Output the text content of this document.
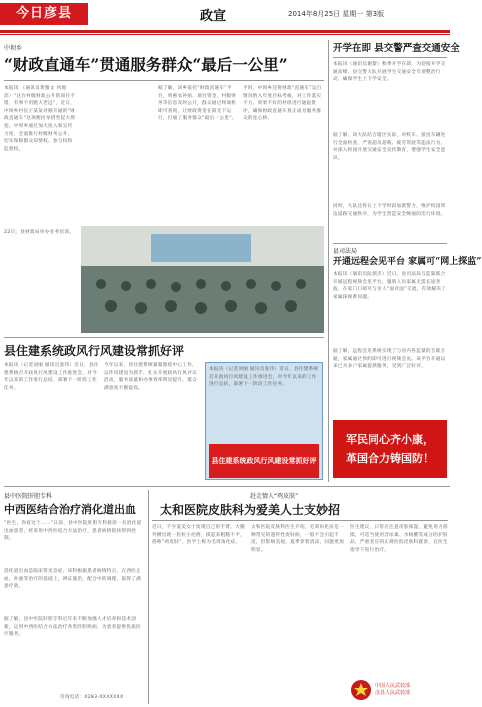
今日彦县	政宣	2014年8月25日 星期一 第3版
中坝乡
“财政直通车”贯通服务群众“最后一公里”
本报讯 （通讯员黄雅文 何地玮）“这台村级财政公开的项目不错，有事不用跑大老远”，近日，中坝乡村民王某某对刚开通的“财政直通车”这项便民举措竖起大拇指。中坝乡通过加大投入和宣传力度，全面推行村级财务公开，切实保障群众知情权、参与权和监督权。
据了解，该乡依托“财政直通车”平台，将惠农补贴、项目资金、村级财务等信息及时公开，群众通过终端机即可查询，让财政资金在阳光下运行，打通了服务群众“最后一公里”。
平时，中坝乡还将财政“直通车”运行情况纳入年度目标考核，对工作落实不力、效果不好的村组进行通报批评，确保财政直通车真正成为服务群众的连心桥。
22日，县财政局举办业务培训。
县住建系统政风行风建设常抓好评
本报讯（记者刘丽 通讯员张伟）近日，县住建系统召开政风行风建设工作推进会，对今年以来的工作进行总结，部署下一阶段工作任务。
今年以来，县住建系统紧紧围绕中心工作，以作风建设为抓手，扎实开展政风行风评议活动，服务质量和办事效率明显提升，群众满意度不断提高。
本报讯（记者刘丽 通讯员张伟）近日，县住建系统召开政风行风建设工作推进会，对今年以来的工作进行总结，部署下一阶段工作任务。
县住建系统政风行风建设常抓好评
开学在即 县交警严查交通安全
本报讯（通讯员谢黎）秋季开学在即，为迎接开学交通高峰，县交警大队开展学生交通安全专项整治行动，确保学生上下学安全。
据了解，该大队结合辖区实际，对校车、接送车辆进行全面检查，严查超员超载、疲劳驾驶等违法行为，并深入校园开展交通安全宣传教育，增强学生安全意识。
同时，大队还将在上下学时段加派警力，维护校园周边道路交通秩序，为学生营造安全畅通的出行环境。
县司法局
开通远程会见平台 家属可“网上探监”
本报讯（通讯员阮瑞杰）近日，县司法局与监狱联合开通远程视频会见平台，服刑人员家属无需长途奔波，在家门口即可与亲人“面对面”交流，有效解决了家属探视难问题。
据了解，远程会见系统实现了与省内各监狱的互联互通，家属通过预约即可进行视频会见。该平台开通以来已为多户家属提供服务，受到广泛好评。
军民同心齐小康，
革国合力铸国防！
县中医院肝胆专科
中西医结合治疗消化道出血
“医生，你看这个……”日前，县中医院肝胆专科接诊一名消化道出血患者，经采用中西医结合方法治疗，患者病情很快得到控制。
消化道出血是临床常见急症，该科根据患者病情特点，在西医止血、补液等治疗的基础上，辨证施治，配合中药调理，取得了满意疗效。
据了解，县中医院肝胆专科近年来不断加强人才培养和技术创新，运用中西医结合方法治疗各类肝胆疾病，为患者提供优质医疗服务。
咨询电话：0283-XXXXXXX
赶走情人“鸡皮肤”
太和医院皮肤科为爱美人士支妙招
近日，不少爱美女士发现自己的手臂、大腿外侧出现一粒粒小疙瘩，摸起来粗糙不平，俗称“鸡皮肤”，医学上称为毛周角化症。
太和医院皮肤科医生介绍，毛周角化症是一种常见的遗传性皮肤病，一般不会引起不适，但影响美观。夏季穿着清凉，问题更加明显。
医生建议，日常应注意皮肤保湿，避免用力搓揉，可适当使用含尿素、水杨酸等成分的护肤品，严重者应到正规医院皮肤科就诊，在医生指导下进行治疗。
中国人民武装部
彦县人民武装部
